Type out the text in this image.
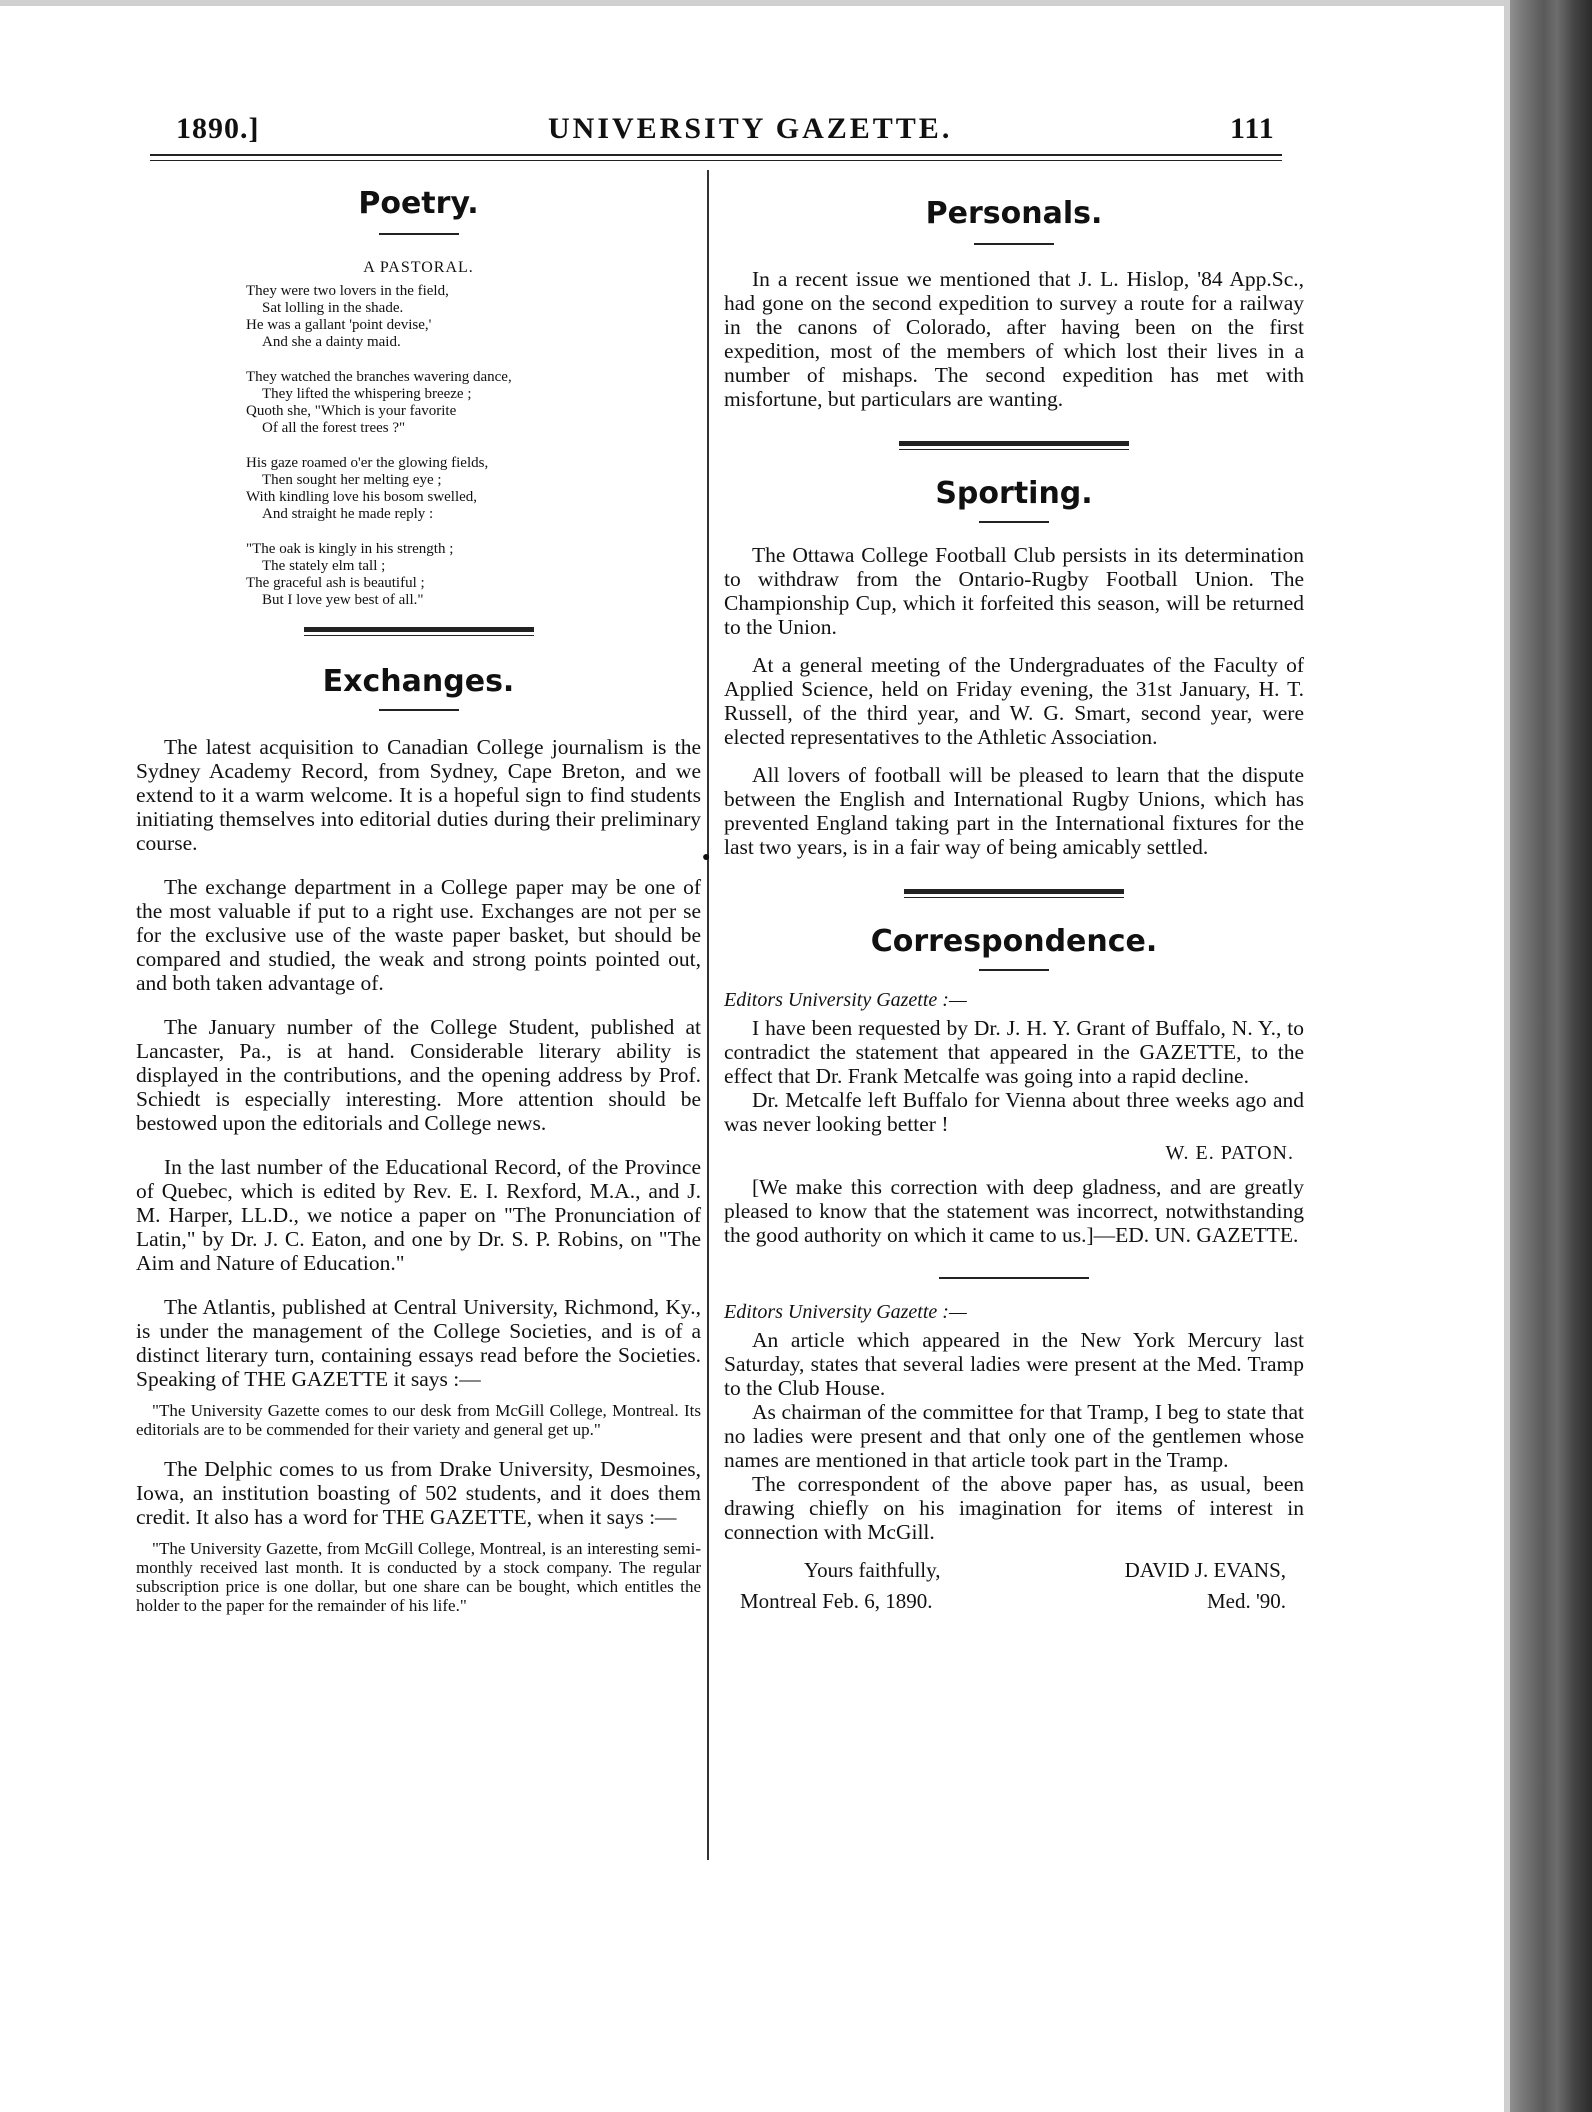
1890.]	UNIVERSITY GAZETTE.	111
Poetry.
A PASTORAL.
They were two lovers in the field,
Sat lolling in the shade.
He was a gallant 'point devise,'
And she a dainty maid.
They watched the branches wavering dance,
They lifted the whispering breeze ;
Quoth she, "Which is your favorite
Of all the forest trees ?"
His gaze roamed o'er the glowing fields,
Then sought her melting eye ;
With kindling love his bosom swelled,
And straight he made reply :
"The oak is kingly in his strength ;
The stately elm tall ;
The graceful ash is beautiful ;
But I love yew best of all."
Exchanges.

The latest acquisition to Canadian College journalism is the Sydney Academy Record, from Sydney, Cape Breton, and we extend to it a warm welcome. It is a hopeful sign to find students initiating themselves into editorial duties during their preliminary course.

The exchange department in a College paper may be one of the most valuable if put to a right use. Exchanges are not per se for the exclusive use of the waste paper basket, but should be compared and studied, the weak and strong points pointed out, and both taken advantage of.

The January number of the College Student, published at Lancaster, Pa., is at hand. Considerable literary ability is displayed in the contributions, and the opening address by Prof. Schiedt is especially interesting. More attention should be bestowed upon the editorials and College news.

In the last number of the Educational Record, of the Province of Quebec, which is edited by Rev. E. I. Rexford, M.A., and J. M. Harper, LL.D., we notice a paper on "The Pronunciation of Latin," by Dr. J. C. Eaton, and one by Dr. S. P. Robins, on "The Aim and Nature of Education."

The Atlantis, published at Central University, Richmond, Ky., is under the management of the College Societies, and is of a distinct literary turn, containing essays read before the Societies. Speaking of THE GAZETTE it says :—

"The University Gazette comes to our desk from McGill College, Montreal. Its editorials are to be commended for their variety and general get up."

The Delphic comes to us from Drake University, Desmoines, Iowa, an institution boasting of 502 students, and it does them credit. It also has a word for THE GAZETTE, when it says :—

"The University Gazette, from McGill College, Montreal, is an interesting semi-monthly received last month. It is conducted by a stock company. The regular subscription price is one dollar, but one share can be bought, which entitles the holder to the paper for the remainder of his life."

Personals.

In a recent issue we mentioned that J. L. Hislop, '84 App.Sc., had gone on the second expedition to survey a route for a railway in the canons of Colorado, after having been on the first expedition, most of the members of which lost their lives in a number of mishaps. The second expedition has met with misfortune, but particulars are wanting.

Sporting.

The Ottawa College Football Club persists in its determination to withdraw from the Ontario-Rugby Football Union. The Championship Cup, which it forfeited this season, will be returned to the Union.

At a general meeting of the Undergraduates of the Faculty of Applied Science, held on Friday evening, the 31st January, H. T. Russell, of the third year, and W. G. Smart, second year, were elected representatives to the Athletic Association.

All lovers of football will be pleased to learn that the dispute between the English and International Rugby Unions, which has prevented England taking part in the International fixtures for the last two years, is in a fair way of being amicably settled.

Correspondence.

Editors University Gazette :—

I have been requested by Dr. J. H. Y. Grant of Buffalo, N. Y., to contradict the statement that appeared in the GAZETTE, to the effect that Dr. Frank Metcalfe was going into a rapid decline.

Dr. Metcalfe left Buffalo for Vienna about three weeks ago and was never looking better !

W. E. PATON.

[We make this correction with deep gladness, and are greatly pleased to know that the statement was incorrect, notwithstanding the good authority on which it came to us.]—ED. UN. GAZETTE.

Editors University Gazette :—

An article which appeared in the New York Mercury last Saturday, states that several ladies were present at the Med. Tramp to the Club House.

As chairman of the committee for that Tramp, I beg to state that no ladies were present and that only one of the gentlemen whose names are mentioned in that article took part in the Tramp.

The correspondent of the above paper has, as usual, been drawing chiefly on his imagination for items of interest in connection with McGill.

Yours faithfully,	DAVID J. EVANS,
Montreal Feb. 6, 1890.	Med. '90.
●
